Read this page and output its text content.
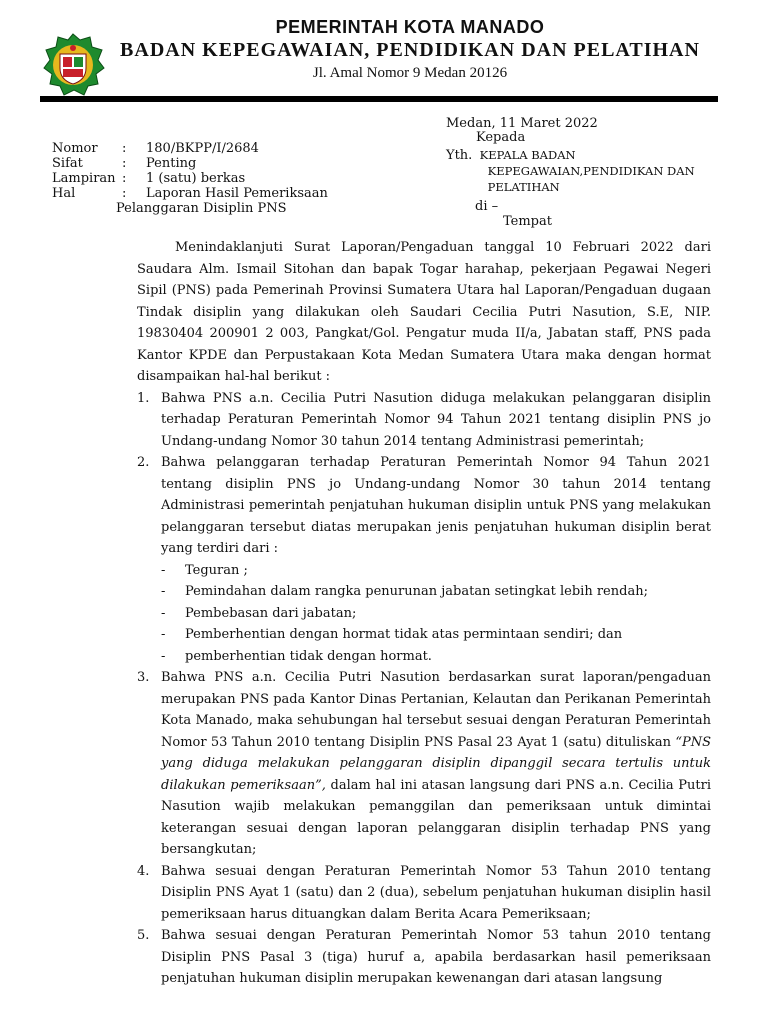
PEMERINTAH KOTA MANADO
BADAN KEPEGAWAIAN, PENDIDIKAN DAN PELATIHAN
Jl. Amal Nomor 9 Medan 20126
Nomor	:	180/BKPP/I/2684
Sifat	:	Penting
Lampiran :	1 (satu) berkas
Hal	:	Laporan Hasil Pemeriksaan
Pelanggaran Disiplin PNS
Medan, 11 Maret 2022
Kepada
Yth. KEPALA BADAN
KEPEGAWAIAN,PENDIDIKAN DAN
PELATIHAN
di –
Tempat

Menindaklanjuti Surat Laporan/Pengaduan tanggal 10 Februari 2022 dari Saudara Alm. Ismail Sitohan dan bapak Togar harahap, pekerjaan Pegawai Negeri Sipil (PNS) pada Pemerinah Provinsi Sumatera Utara hal Laporan/Pengaduan dugaan Tindak disiplin yang dilakukan oleh Saudari Cecilia Putri Nasution, S.E, NIP. 19830404 200901 2 003, Pangkat/Gol. Pengatur muda II/a, Jabatan staff, PNS pada Kantor KPDE dan Perpustakaan Kota Medan Sumatera Utara maka dengan hormat disampaikan hal-hal berikut :

1. Bahwa PNS a.n. Cecilia Putri Nasution diduga melakukan pelanggaran disiplin terhadap Peraturan Pemerintah Nomor 94 Tahun 2021 tentang disiplin PNS jo Undang-undang Nomor 30 tahun 2014 tentang Administrasi pemerintah;
2. Bahwa pelanggaran terhadap Peraturan Pemerintah Nomor 94 Tahun 2021 tentang disiplin PNS jo Undang-undang Nomor 30 tahun 2014 tentang Administrasi pemerintah penjatuhan hukuman disiplin untuk PNS yang melakukan pelanggaran tersebut diatas merupakan jenis penjatuhan hukuman disiplin berat yang terdiri dari :
- Teguran ;
- Pemindahan dalam rangka penurunan jabatan setingkat lebih rendah;
- Pembebasan dari jabatan;
- Pemberhentian dengan hormat tidak atas permintaan sendiri; dan
- pemberhentian tidak dengan hormat.
3. Bahwa PNS a.n. Cecilia Putri Nasution berdasarkan surat laporan/pengaduan merupakan PNS pada Kantor Dinas Pertanian, Kelautan dan Perikanan Pemerintah Kota Manado, maka sehubungan hal tersebut sesuai dengan Peraturan Pemerintah Nomor 53 Tahun 2010 tentang Disiplin PNS Pasal 23 Ayat 1 (satu) dituliskan “PNS yang diduga melakukan pelanggaran disiplin dipanggil secara tertulis untuk dilakukan pemeriksaan”, dalam hal ini atasan langsung dari PNS a.n. Cecilia Putri Nasution wajib melakukan pemanggilan dan pemeriksaan untuk dimintai keterangan sesuai dengan laporan pelanggaran disiplin terhadap PNS yang bersangkutan;
4. Bahwa sesuai dengan Peraturan Pemerintah Nomor 53 Tahun 2010 tentang Disiplin PNS Ayat 1 (satu) dan 2 (dua), sebelum penjatuhan hukuman disiplin hasil pemeriksaan harus dituangkan dalam Berita Acara Pemeriksaan;
5. Bahwa sesuai dengan Peraturan Pemerintah Nomor 53 tahun 2010 tentang Disiplin PNS Pasal 3 (tiga) huruf a, apabila berdasarkan hasil pemeriksaan penjatuhan hukuman disiplin merupakan kewenangan dari atasan langsung
